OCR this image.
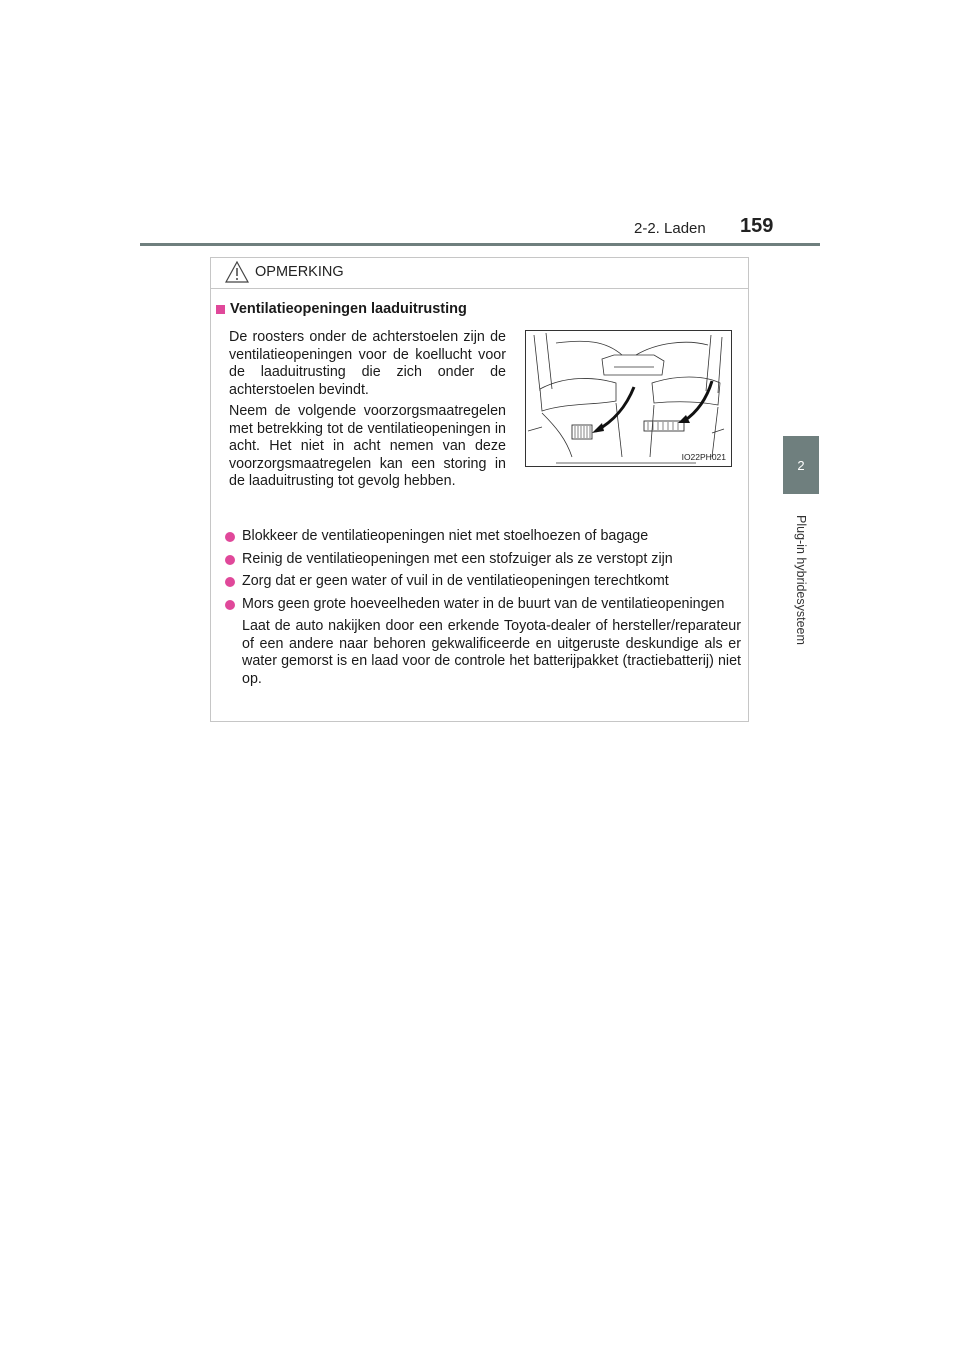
2-2. Laden 159
2
Plug-in hybridesysteem
OPMERKING
Ventilatieopeningen laaduitrusting
De roosters onder de achterstoelen zijn de ventilatieopeningen voor de koellucht voor de laaduitrusting die zich onder de achterstoelen bevindt.
Neem de volgende voorzorgsmaatregelen met betrekking tot de ventilatieopeningen in acht. Het niet in acht nemen van deze voorzorgsmaatregelen kan een storing in de laaduitrusting tot gevolg hebben.
IO22PH021
Blokkeer de ventilatieopeningen niet met stoelhoezen of bagage
Reinig de ventilatieopeningen met een stofzuiger als ze verstopt zijn
Zorg dat er geen water of vuil in de ventilatieopeningen terechtkomt
Mors geen grote hoeveelheden water in de buurt van de ventilatieopeningen
Laat de auto nakijken door een erkende Toyota-dealer of hersteller/reparateur of een andere naar behoren gekwalificeerde en uitgeruste deskundige als er water gemorst is en laad voor de controle het batterijpakket (tractiebatterij) niet op.
